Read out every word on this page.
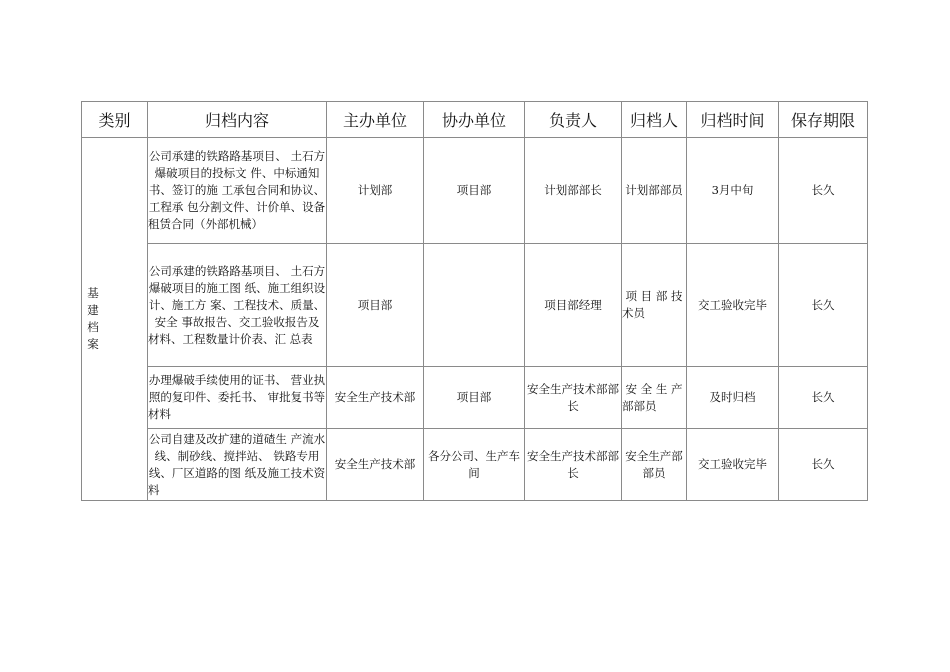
类别	归档内容	主办单位	协办单位	负责人	归档人	归档时间	保存期限

基建档案	公司承建的铁路路基项目、 土石方爆破项目的投标文 件、中标通知书、签订的施 工承包合同和协议、工程承 包分割文件、计价单、设备 租赁合同（外部机械）	计划部	项目部	计划部部长	计划部部员	3月中旬	长久
	公司承建的铁路路基项目、 土石方爆破项目的施工图 纸、施工组织设计、施工方 案、工程技术、质量、安全 事故报告、交工验收报告及 材料、工程数量计价表、汇 总表	项目部		项目部经理	项 目 部 技术员	交工验收完毕	长久
	办理爆破手续使用的证书、 营业执照的复印件、委托书、 审批复书等材料	安全生产技术部	项目部	安全生产技术部部长	安 全 生 产部部员	及时归档	长久
	公司自建及改扩建的道碴生 产流水线、制砂线、搅拌站、 铁路专用线、厂区道路的图 纸及施工技术资料	安全生产技术部	各分公司、生产车间	安全生产技术部部长	安全生产部部员	交工验收完毕	长久
